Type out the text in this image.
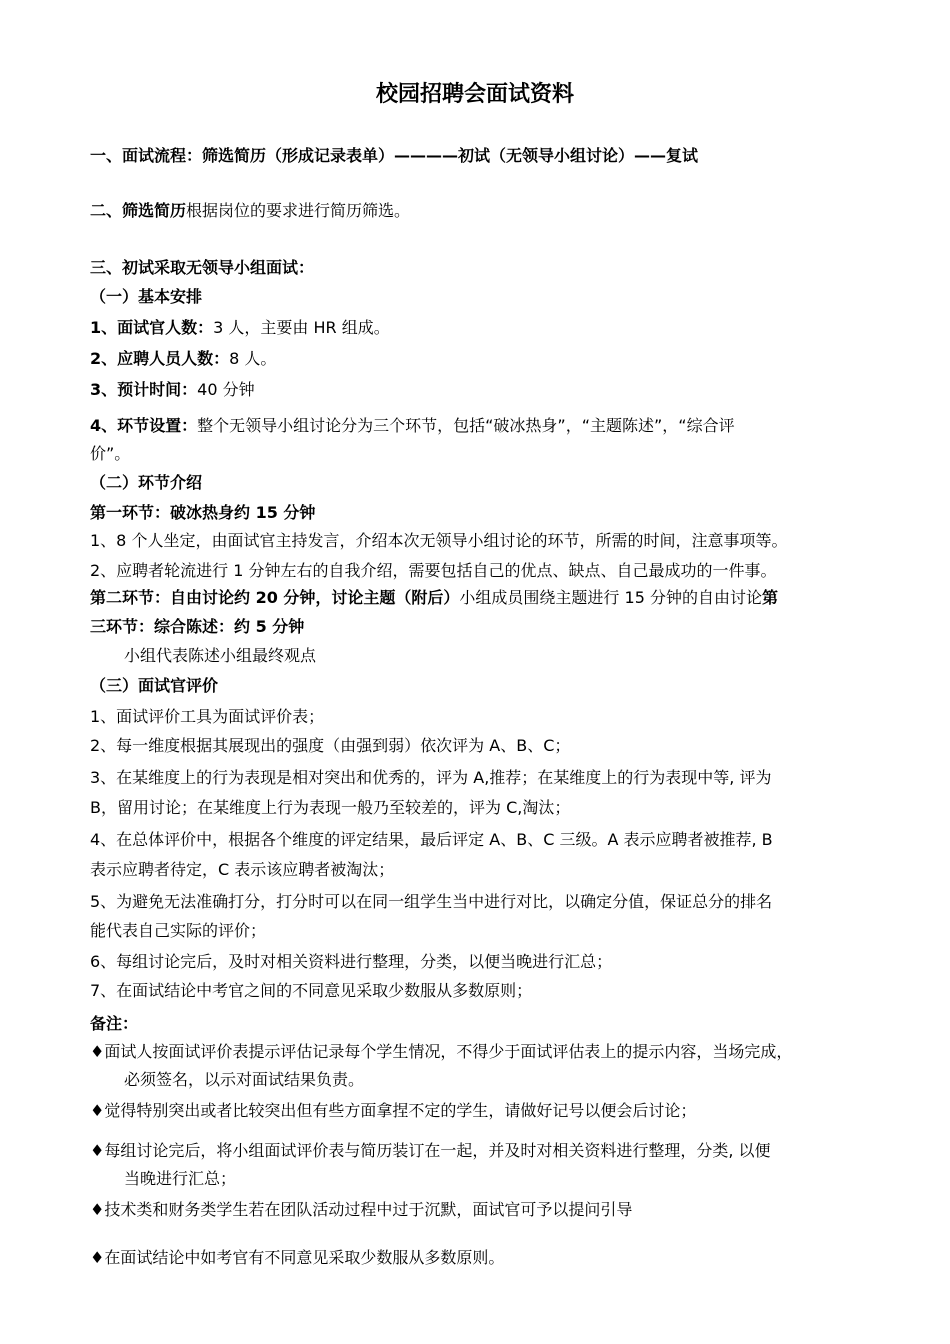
校园招聘会面试资料
一、面试流程：筛选简历（形成记录表单）————初试（无领导小组讨论）——复试
二、筛选简历根据岗位的要求进行简历筛选。
三、初试采取无领导小组面试：
（一）基本安排
1、面试官人数：3 人，主要由 HR 组成。
2、应聘人员人数：8 人。
3、预计时间：40 分钟
4、环节设置：整个无领导小组讨论分为三个环节，包括“破冰热身”，“主题陈述”，“综合评
价”。
（二）环节介绍
第一环节：破冰热身约 15 分钟
1、8 个人坐定，由面试官主持发言，介绍本次无领导小组讨论的环节，所需的时间，注意事项等。
2、应聘者轮流进行 1 分钟左右的自我介绍，需要包括自己的优点、缺点、自己最成功的一件事。
第二环节：自由讨论约 20 分钟，讨论主题（附后）小组成员围绕主题进行 15 分钟的自由讨论第
三环节：综合陈述：约 5 分钟
小组代表陈述小组最终观点
（三）面试官评价
1、面试评价工具为面试评价表；
2、每一维度根据其展现出的强度（由强到弱）依次评为 A、B、C；
3、在某维度上的行为表现是相对突出和优秀的，评为 A,推荐；在某维度上的行为表现中等, 评为
B，留用讨论；在某维度上行为表现一般乃至较差的，评为 C,淘汰；
4、在总体评价中，根据各个维度的评定结果，最后评定 A、B、C 三级。A 表示应聘者被推荐, B
表示应聘者待定，C 表示该应聘者被淘汰；
5、为避免无法准确打分，打分时可以在同一组学生当中进行对比，以确定分值，保证总分的排名
能代表自己实际的评价；
6、每组讨论完后，及时对相关资料进行整理，分类，以便当晚进行汇总；
7、在面试结论中考官之间的不同意见采取少数服从多数原则；
备注：
♦面试人按面试评价表提示评估记录每个学生情况，不得少于面试评估表上的提示内容，当场完成，
必须签名，以示对面试结果负责。
♦觉得特别突出或者比较突出但有些方面拿捏不定的学生，请做好记号以便会后讨论；
♦每组讨论完后，将小组面试评价表与简历装订在一起，并及时对相关资料进行整理，分类, 以便
当晚进行汇总；
♦技术类和财务类学生若在团队活动过程中过于沉默，面试官可予以提问引导
♦在面试结论中如考官有不同意见采取少数服从多数原则。
